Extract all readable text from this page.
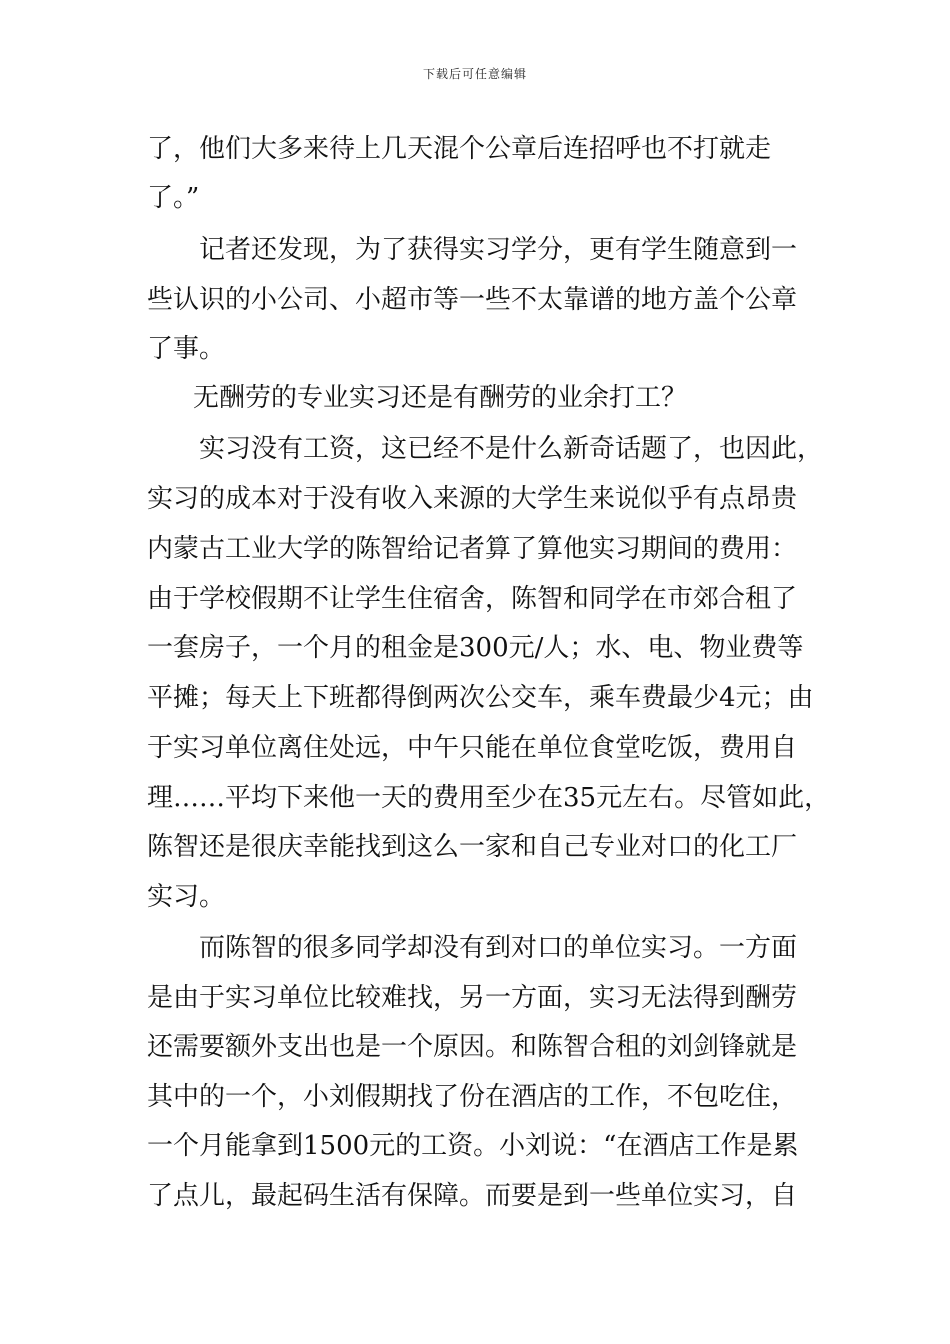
下载后可任意编辑
了，他们大多来待上几天混个公章后连招呼也不打就走
了。”
记者还发现，为了获得实习学分，更有学生随意到一
些认识的小公司、小超市等一些不太靠谱的地方盖个公章
了事。
无酬劳的专业实习还是有酬劳的业余打工？
实习没有工资，这已经不是什么新奇话题了，也因此，
实习的成本对于没有收入来源的大学生来说似乎有点昂贵
内蒙古工业大学的陈智给记者算了算他实习期间的费用：
由于学校假期不让学生住宿舍，陈智和同学在市郊合租了
一套房子，一个月的租金是300元/人；水、电、物业费等
平摊；每天上下班都得倒两次公交车，乘车费最少4元；由
于实习单位离住处远，中午只能在单位食堂吃饭，费用自
理……平均下来他一天的费用至少在35元左右。尽管如此，
陈智还是很庆幸能找到这么一家和自己专业对口的化工厂
实习。
而陈智的很多同学却没有到对口的单位实习。一方面
是由于实习单位比较难找，另一方面，实习无法得到酬劳
还需要额外支出也是一个原因。和陈智合租的刘剑锋就是
其中的一个，小刘假期找了份在酒店的工作，不包吃住，
一个月能拿到1500元的工资。小刘说：“在酒店工作是累
了点儿，最起码生活有保障。而要是到一些单位实习，自
